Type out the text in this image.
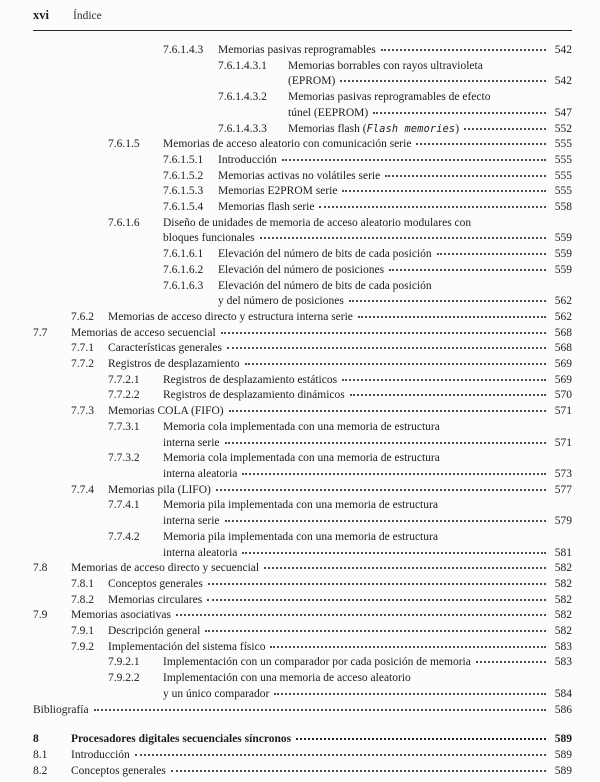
xvi Índice
7.6.1.4.3	Memorias pasivas reprogramables	542
7.6.1.4.3.1	Memorias borrables con rayos ultravioleta
(EPROM)	542
7.6.1.4.3.2	Memorias pasivas reprogramables de efecto
túnel (EEPROM)	547
7.6.1.4.3.3	Memorias flash (Flash memories)	552
7.6.1.5	Memorias de acceso aleatorio con comunicación serie	555
7.6.1.5.1	Introducción	555
7.6.1.5.2	Memorias activas no volátiles serie	555
7.6.1.5.3	Memorias E2PROM serie	555
7.6.1.5.4	Memorias flash serie	558
7.6.1.6	Diseño de unidades de memoria de acceso aleatorio modulares con
bloques funcionales	559
7.6.1.6.1	Elevación del número de bits de cada posición	559
7.6.1.6.2	Elevación del número de posiciones	559
7.6.1.6.3	Elevación del número de bits de cada posición
y del número de posiciones	562
7.6.2	Memorias de acceso directo y estructura interna serie	562
7.7	Memorias de acceso secuencial	568
7.7.1	Características generales	568
7.7.2	Registros de desplazamiento	569
7.7.2.1	Registros de desplazamiento estáticos	569
7.7.2.2	Registros de desplazamiento dinámicos	570
7.7.3	Memorias COLA (FIFO)	571
7.7.3.1	Memoria cola implementada con una memoria de estructura
interna serie	571
7.7.3.2	Memoria cola implementada con una memoria de estructura
interna aleatoria	573
7.7.4	Memorias pila (LIFO)	577
7.7.4.1	Memoria pila implementada con una memoria de estructura
interna serie	579
7.7.4.2	Memoria pila implementada con una memoria de estructura
interna aleatoria	581
7.8	Memorias de acceso directo y secuencial	582
7.8.1	Conceptos generales	582
7.8.2	Memorias circulares	582
7.9	Memorias asociativas	582
7.9.1	Descripción general	582
7.9.2	Implementación del sistema físico	583
7.9.2.1	Implementación con un comparador por cada posición de memoria	583
7.9.2.2	Implementación con una memoria de acceso aleatorio
y un único comparador	584
Bibliografía	586
8	Procesadores digitales secuenciales síncronos	589
8.1	Introducción	589
8.2	Conceptos generales	589
